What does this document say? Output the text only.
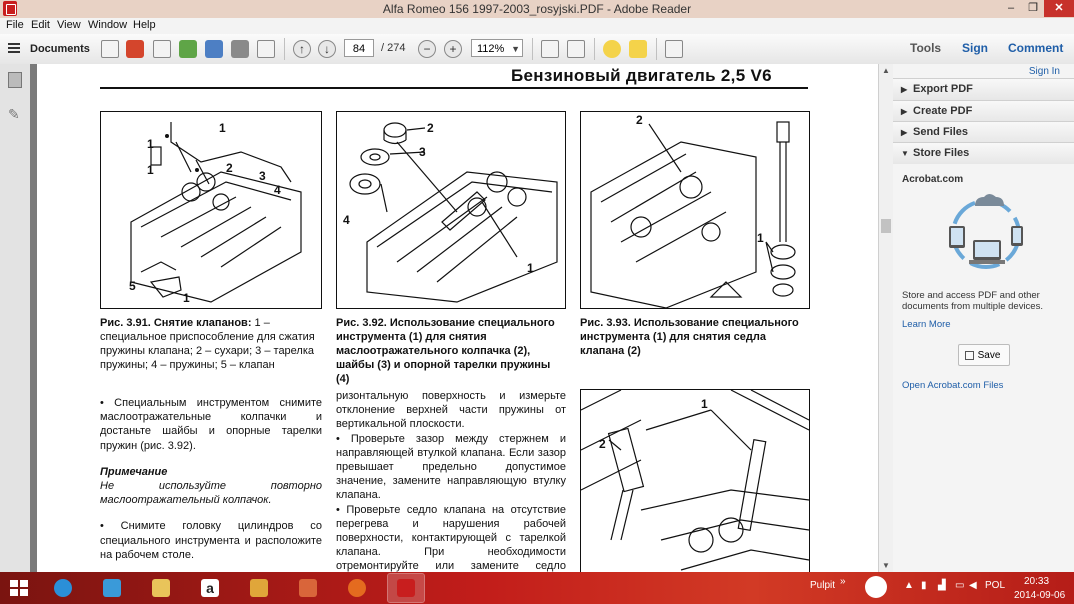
Alfa Romeo 156 1997-2003_rosyjski.PDF - Adobe Reader	–	❐	✕
File Edit View Window Help
Documents	↑	↓	84	/ 274	−	+	112% ▼	Tools Sign Comment
✎
Бензиновый двигатель 2,5 V6
1
1
1	2
3
4
5
1
2
3
4
1
2
1
Рис. 3.91. Снятие клапанов: 1 – специальное приспособление для сжатия пружины клапана; 2 – сухари; 3 – тарелка пружины; 4 – пружины; 5 – клапан
Рис. 3.92. Использование специального инструмента (1) для снятия маслоотражательного колпачка (2), шайбы (3) и опорной тарелки пружины (4)
Рис. 3.93. Использование специального инструмента (1) для снятия седла клапана (2)

• Специальным инструментом снимите маслоотражательные колпачки и достаньте шайбы и опорные тарелки пружин (рис. 3.92).

Примечание

Не используйте повторно маслоотражательный колпачок.

• Снимите головку цилиндров со специального инструмента и расположите на рабочем столе.

ризонтальную поверхность и измерьте отклонение верхней части пружины от вертикальной плоскости.

• Проверьте зазор между стержнем и направляющей втулкой клапана. Если зазор превышает предельно допустимое значение, замените направляющую втулку клапана.

• Проверьте седло клапана на отсутствие перегрева и нарушения рабочей поверхности, контактирующей с тарелкой клапана. При необходимости отремонтируйте или замените седло

1
2
▲
▼
Sign In
▶ Export PDF
▶ Create PDF
▶ Send Files
▼ Store Files
Acrobat.com
Store and access PDF and other documents from multiple devices.
Learn More
Save
Open Acrobat.com Files
a	Pulpit »	▲ ▮ ▟ ▭ ◀ POL 20:33
2014-09-06
